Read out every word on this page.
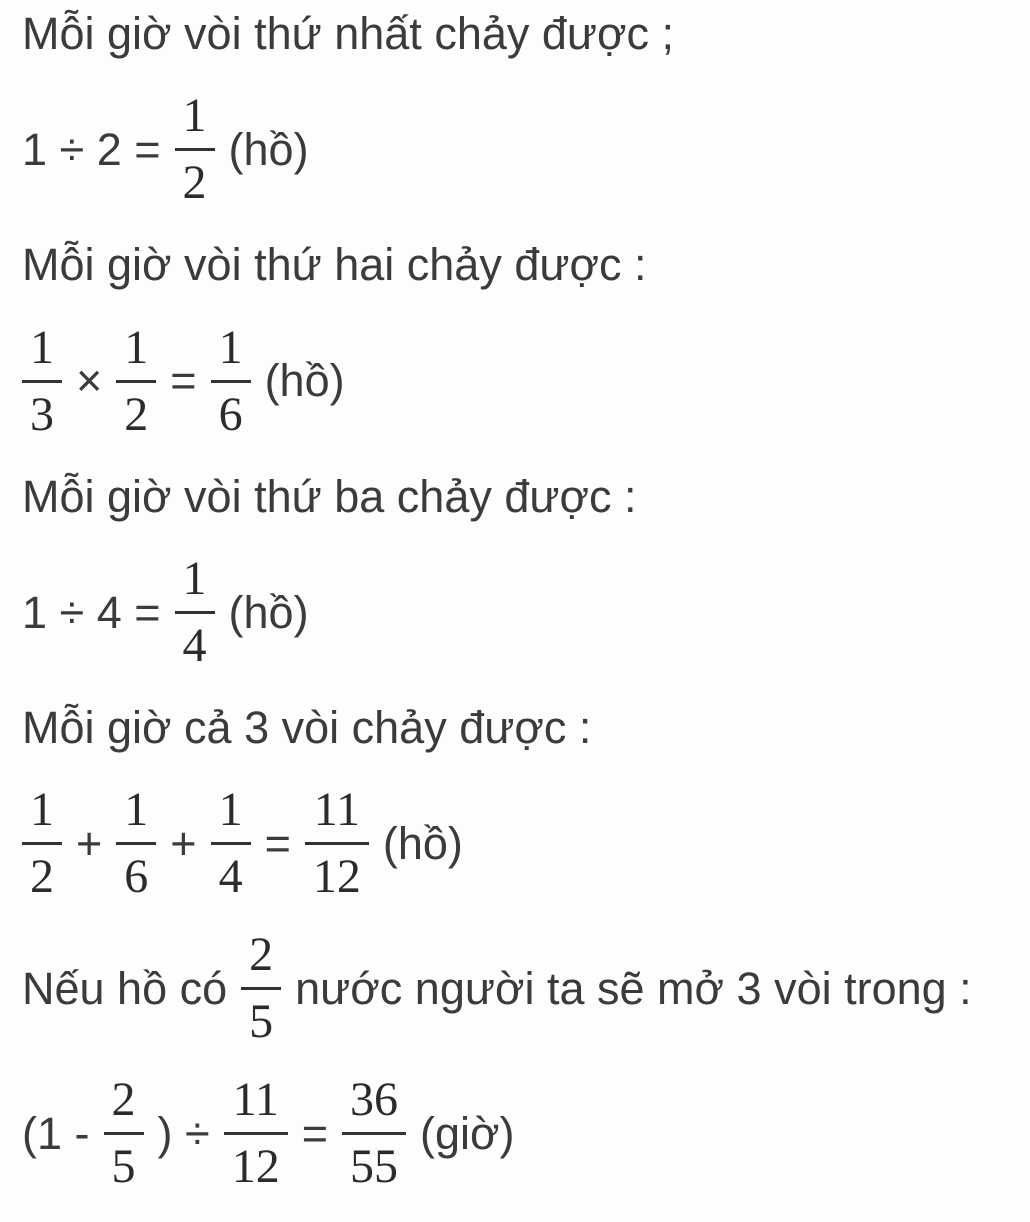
Mỗi giờ vòi thứ nhất chảy được ;
$1 \div 2 = \frac{1}{2}$ (hồ)
Mỗi giờ vòi thứ hai chảy được :
$\frac{1}{3} \times \frac{1}{2} = \frac{1}{6}$ (hồ)
Mỗi giờ vòi thứ ba chảy được :
$1 \div 4 = \frac{1}{4}$ (hồ)
Mỗi giờ cả 3 vòi chảy được :
$\frac{1}{2} + \frac{1}{6} + \frac{1}{4} = \frac{11}{12}$ (hồ)
Nếu hồ có $\frac{2}{5}$ nước người ta sẽ mở 3 vòi trong :
($1 - \frac{2}{5}$ ) ÷ $\frac{11}{12} = \frac{36}{55}$ (giờ)
